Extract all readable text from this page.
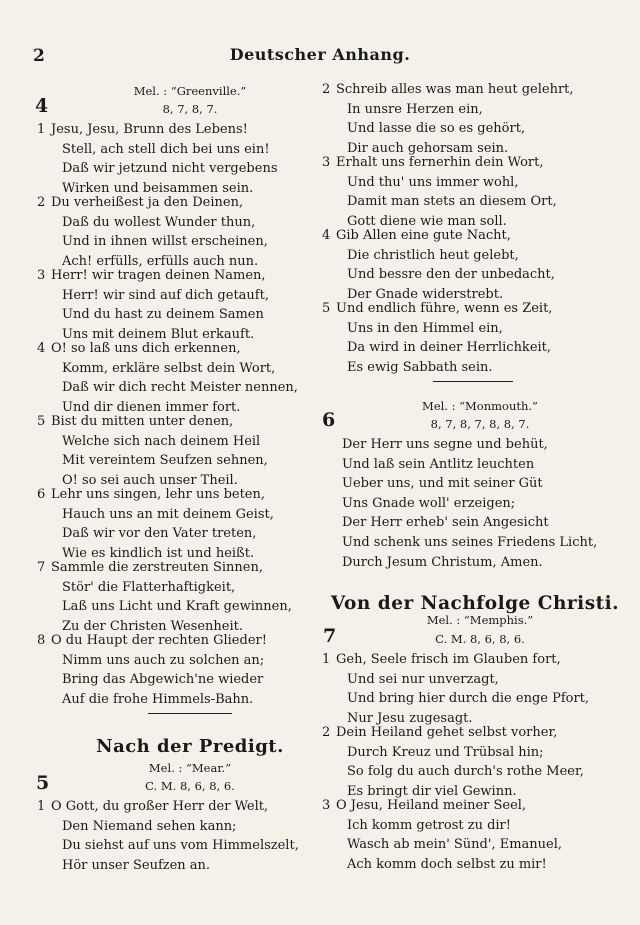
2	Deutscher Anhang.
Mel. : “Greenville.”
4	8, 7, 8, 7.
1 Jesu, Jesu, Brunn des Lebens!
Stell, ach stell dich bei uns ein!
Daß wir jetzund nicht vergebens
Wirken und beisammen sein.
2 Du verheißest ja den Deinen,
Daß du wollest Wunder thun,
Und in ihnen willst erscheinen,
Ach! erfülls, erfülls auch nun.
3 Herr! wir tragen deinen Namen,
Herr! wir sind auf dich getauft,
Und du hast zu deinem Samen
Uns mit deinem Blut erkauft.
4 O! so laß uns dich erkennen,
Komm, erkläre selbst dein Wort,
Daß wir dich recht Meister nennen,
Und dir dienen immer fort.
5 Bist du mitten unter denen,
Welche sich nach deinem Heil
Mit vereintem Seufzen sehnen,
O! so sei auch unser Theil.
6 Lehr uns singen, lehr uns beten,
Hauch uns an mit deinem Geist,
Daß wir vor den Vater treten,
Wie es kindlich ist und heißt.
7 Sammle die zerstreuten Sinnen,
Stör' die Flatterhaftigkeit,
Laß uns Licht und Kraft gewinnen,
Zu der Christen Wesenheit.
8 O du Haupt der rechten Glieder!
Nimm uns auch zu solchen an;
Bring das Abgewich'ne wieder
Auf die frohe Himmels-Bahn.
Nach der Predigt.
Mel. : “Mear.”
5	C. M. 8, 6, 8, 6.
1 O Gott, du großer Herr der Welt,
Den Niemand sehen kann;
Du siehst auf uns vom Himmelszelt,
Hör unser Seufzen an.
2 Schreib alles was man heut gelehrt,
In unsre Herzen ein,
Und lasse die so es gehört,
Dir auch gehorsam sein.
3 Erhalt uns fernerhin dein Wort,
Und thu' uns immer wohl,
Damit man stets an diesem Ort,
Gott diene wie man soll.
4 Gib Allen eine gute Nacht,
Die christlich heut gelebt,
Und bessre den der unbedacht,
Der Gnade widerstrebt.
5 Und endlich führe, wenn es Zeit,
Uns in den Himmel ein,
Da wird in deiner Herrlichkeit,
Es ewig Sabbath sein.
Mel. : “Monmouth.”
6	8, 7, 8, 7, 8, 8, 7.
Der Herr uns segne und behüt,
Und laß sein Antlitz leuchten
Ueber uns, und mit seiner Güt
Uns Gnade woll' erzeigen;
Der Herr erheb' sein Angesicht
Und schenk uns seines Friedens Licht,
Durch Jesum Christum, Amen.
Von der Nachfolge Christi.
Mel. : “Memphis.”
7	C. M. 8, 6, 8, 6.
1 Geh, Seele frisch im Glauben fort,
Und sei nur unverzagt,
Und bring hier durch die enge Pfort,
Nur Jesu zugesagt.
2 Dein Heiland gehet selbst vorher,
Durch Kreuz und Trübsal hin;
So folg du auch durch's rothe Meer,
Es bringt dir viel Gewinn.
3 O Jesu, Heiland meiner Seel,
Ich komm getrost zu dir!
Wasch ab mein' Sünd', Emanuel,
Ach komm doch selbst zu mir!
